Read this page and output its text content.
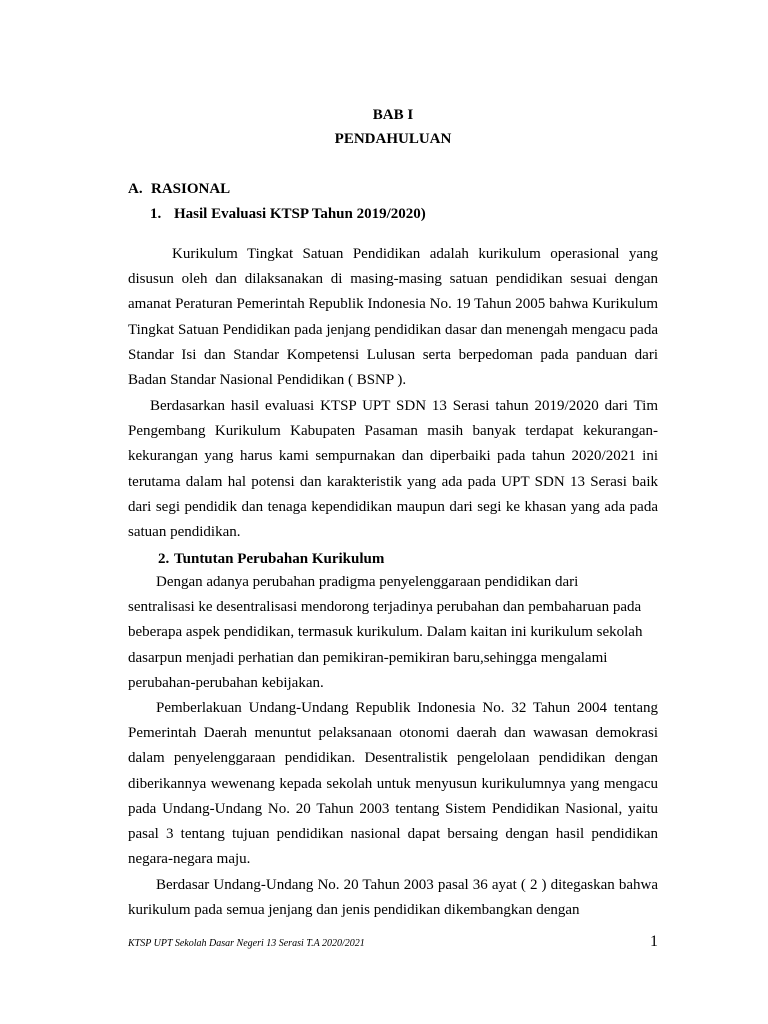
BAB I
PENDAHULUAN
A. RASIONAL
1. Hasil Evaluasi KTSP Tahun 2019/2020)

Kurikulum Tingkat Satuan Pendidikan adalah kurikulum operasional yang disusun oleh dan dilaksanakan di masing-masing satuan pendidikan sesuai dengan amanat Peraturan Pemerintah Republik Indonesia No. 19 Tahun 2005 bahwa Kurikulum Tingkat Satuan Pendidikan pada jenjang pendidikan dasar dan menengah mengacu pada Standar Isi dan Standar Kompetensi Lulusan serta berpedoman pada panduan dari Badan Standar Nasional Pendidikan ( BSNP ).

Berdasarkan hasil evaluasi KTSP UPT SDN 13 Serasi tahun 2019/2020 dari Tim Pengembang Kurikulum Kabupaten Pasaman masih banyak terdapat kekurangan-kekurangan yang harus kami sempurnakan dan diperbaiki pada tahun 2020/2021 ini terutama dalam hal potensi dan karakteristik yang ada pada UPT SDN 13 Serasi baik dari segi pendidik dan tenaga kependidikan maupun dari segi ke khasan yang ada pada satuan pendidikan.

2. Tuntutan Perubahan Kurikulum

Dengan adanya perubahan pradigma penyelenggaraan pendidikan dari sentralisasi ke desentralisasi mendorong terjadinya perubahan dan pembaharuan pada beberapa aspek pendidikan, termasuk kurikulum. Dalam kaitan ini kurikulum sekolah dasarpun menjadi perhatian dan pemikiran-pemikiran baru,sehingga mengalami perubahan-perubahan kebijakan.

Pemberlakuan Undang-Undang Republik Indonesia No. 32 Tahun 2004 tentang Pemerintah Daerah menuntut pelaksanaan otonomi daerah dan wawasan demokrasi dalam penyelenggaraan pendidikan. Desentralistik pengelolaan pendidikan dengan diberikannya wewenang kepada sekolah untuk menyusun kurikulumnya yang mengacu pada Undang-Undang No. 20 Tahun 2003 tentang Sistem Pendidikan Nasional, yaitu pasal 3 tentang tujuan pendidikan nasional dapat bersaing dengan hasil pendidikan negara-negara maju.

Berdasar Undang-Undang No. 20 Tahun 2003 pasal 36 ayat ( 2 ) ditegaskan bahwa kurikulum pada semua jenjang dan jenis pendidikan dikembangkan dengan

KTSP UPT Sekolah Dasar Negeri 13 Serasi T.A 2020/2021	1
